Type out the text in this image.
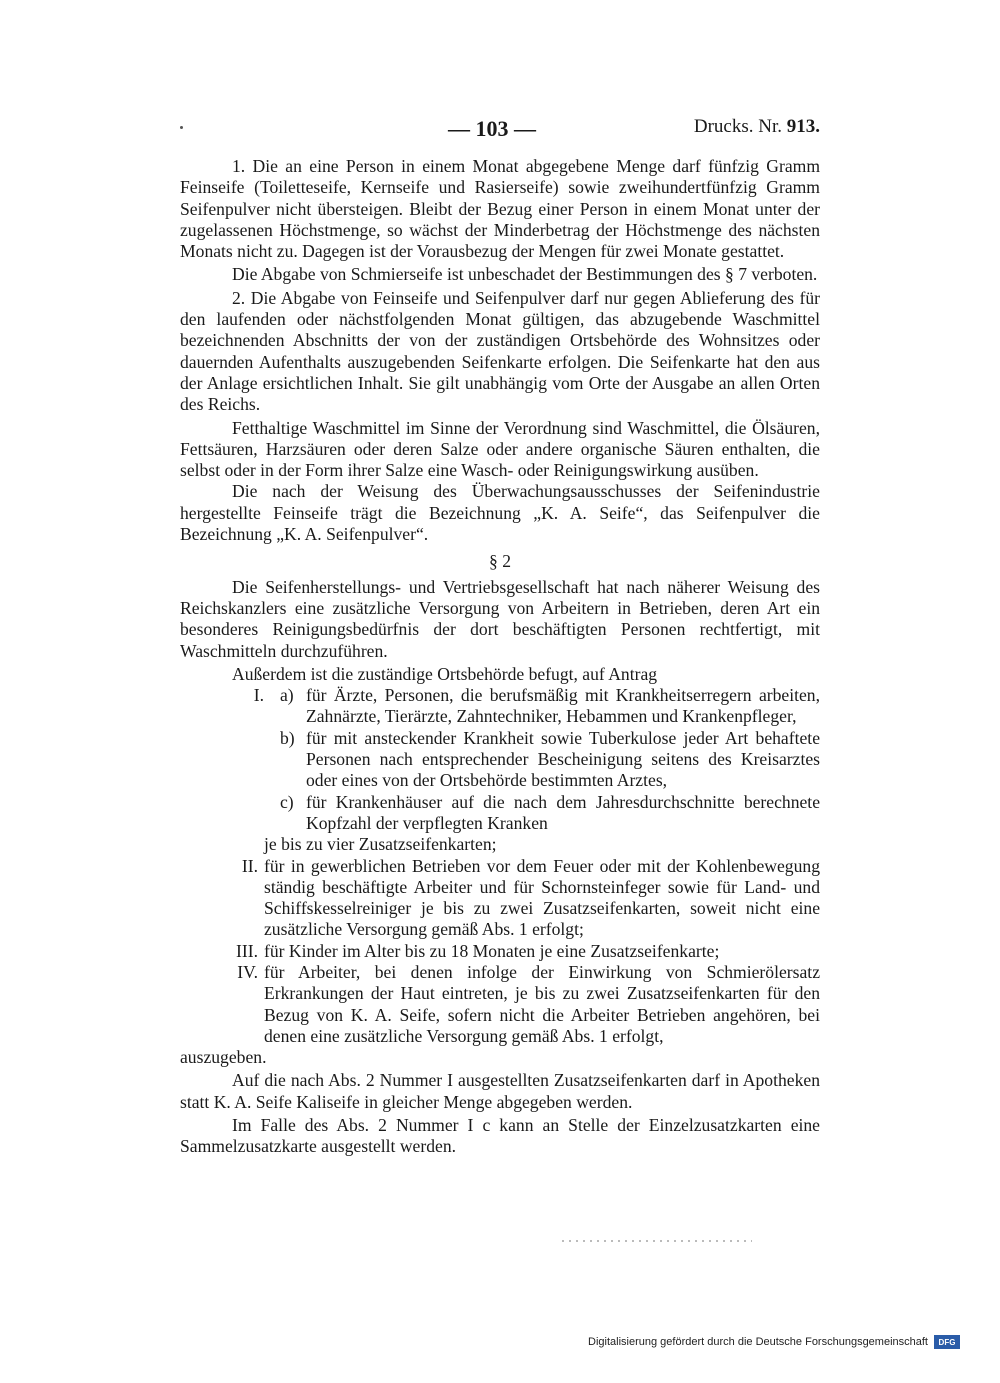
— 103 —	Drucks. Nr. 913.

1. Die an eine Person in einem Monat abgegebene Menge darf fünfzig Gramm Feinseife (Toiletteseife, Kernseife und Rasierseife) sowie zweihundertfünfzig Gramm Seifenpulver nicht übersteigen. Bleibt der Bezug einer Person in einem Monat unter der zugelassenen Höchstmenge, so wächst der Minderbetrag der Höchstmenge des nächsten Monats nicht zu. Dagegen ist der Vorausbezug der Mengen für zwei Monate gestattet.

Die Abgabe von Schmierseife ist unbeschadet der Bestimmungen des § 7 verboten.

2. Die Abgabe von Feinseife und Seifenpulver darf nur gegen Ablieferung des für den laufenden oder nächstfolgenden Monat gültigen, das abzugebende Waschmittel bezeichnenden Abschnitts der von der zuständigen Ortsbehörde des Wohnsitzes oder dauernden Aufenthalts auszugebenden Seifenkarte erfolgen. Die Seifenkarte hat den aus der Anlage ersichtlichen Inhalt. Sie gilt unabhängig vom Orte der Ausgabe an allen Orten des Reichs.

Fetthaltige Waschmittel im Sinne der Verordnung sind Waschmittel, die Ölsäuren, Fettsäuren, Harzsäuren oder deren Salze oder andere organische Säuren enthalten, die selbst oder in der Form ihrer Salze eine Wasch- oder Reinigungswirkung ausüben.

Die nach der Weisung des Überwachungsausschusses der Seifenindustrie hergestellte Feinseife trägt die Bezeichnung „K. A. Seife“, das Seifenpulver die Bezeichnung „K. A. Seifenpulver“.

§ 2

Die Seifenherstellungs- und Vertriebsgesellschaft hat nach näherer Weisung des Reichskanzlers eine zusätzliche Versorgung von Arbeitern in Betrieben, deren Art ein besonderes Reinigungsbedürfnis der dort beschäftigten Personen rechtfertigt, mit Waschmitteln durchzuführen.

Außerdem ist die zuständige Ortsbehörde befugt, auf Antrag

I. a) für Ärzte, Personen, die berufsmäßig mit Krankheitserregern arbeiten, Zahnärzte, Tierärzte, Zahntechniker, Hebammen und Krankenpfleger,
b) für mit ansteckender Krankheit sowie Tuberkulose jeder Art behaftete Personen nach entsprechender Bescheinigung seitens des Kreisarztes oder eines von der Ortsbehörde bestimmten Arztes,
c) für Krankenhäuser auf die nach dem Jahresdurchschnitte berechnete Kopfzahl der verpflegten Kranken

je bis zu vier Zusatzseifenkarten;

II. für in gewerblichen Betrieben vor dem Feuer oder mit der Kohlenbewegung ständig beschäftigte Arbeiter und für Schornsteinfeger sowie für Land- und Schiffskesselreiniger je bis zu zwei Zusatzseifenkarten, soweit nicht eine zusätzliche Versorgung gemäß Abs. 1 erfolgt;
III. für Kinder im Alter bis zu 18 Monaten je eine Zusatzseifenkarte;
IV. für Arbeiter, bei denen infolge der Einwirkung von Schmierölersatz Erkrankungen der Haut eintreten, je bis zu zwei Zusatzseifenkarten für den Bezug von K. A. Seife, sofern nicht die Arbeiter Betrieben angehören, bei denen eine zusätzliche Versorgung gemäß Abs. 1 erfolgt,

auszugeben.

Auf die nach Abs. 2 Nummer I ausgestellten Zusatzseifenkarten darf in Apotheken statt K. A. Seife Kaliseife in gleicher Menge abgegeben werden.

Im Falle des Abs. 2 Nummer I c kann an Stelle der Einzelzusatzkarten eine Sammelzusatzkarte ausgestellt werden.

Digitalisierung gefördert durch die Deutsche Forschungsgemeinschaft	DFG
